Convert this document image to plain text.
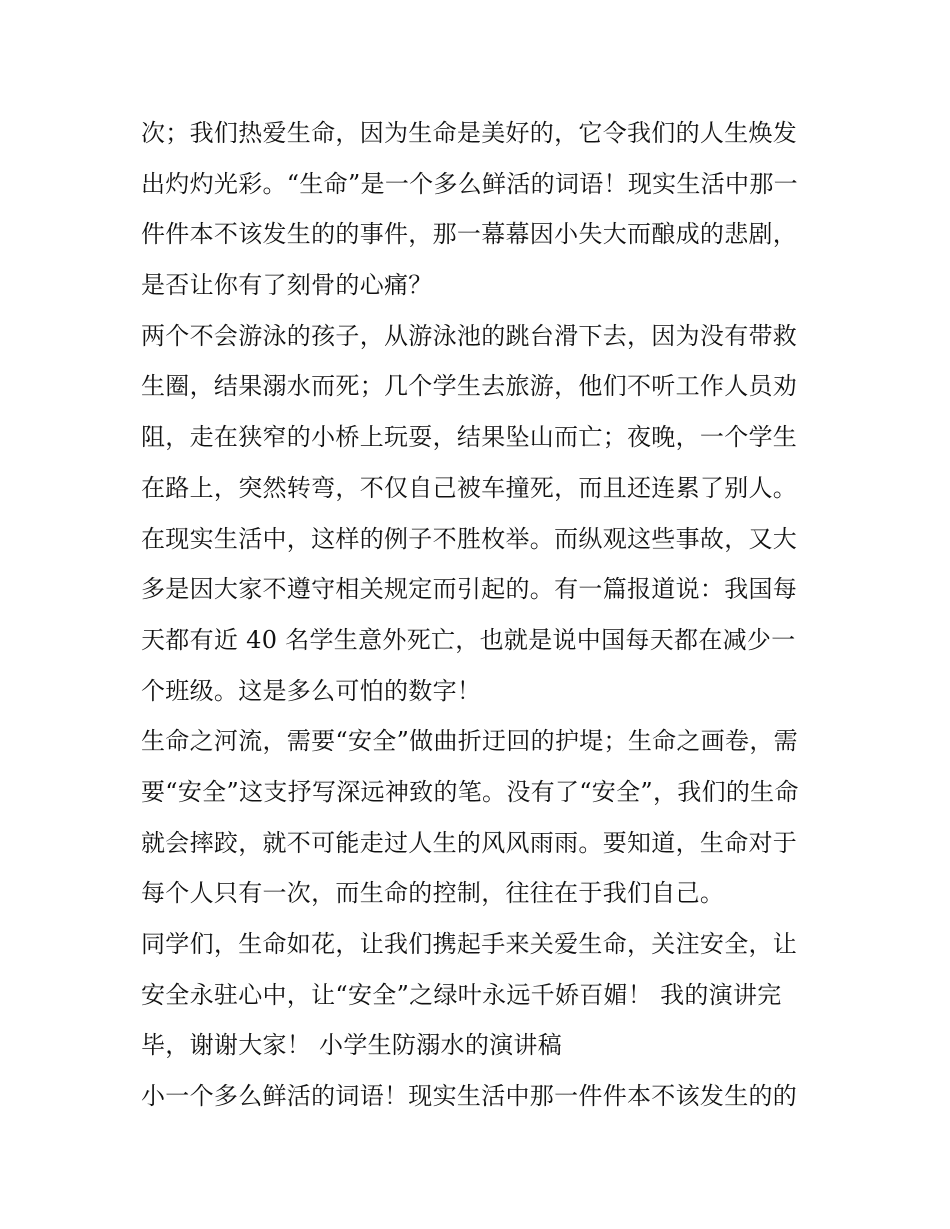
次；我们热爱生命，因为生命是美好的，它令我们的人生焕发
出灼灼光彩。“生命”是一个多么鲜活的词语！现实生活中那一
件件本不该发生的的事件，那一幕幕因小失大而酿成的悲剧，
是否让你有了刻骨的心痛？
两个不会游泳的孩子，从游泳池的跳台滑下去，因为没有带救
生圈，结果溺水而死；几个学生去旅游，他们不听工作人员劝
阻，走在狭窄的小桥上玩耍，结果坠山而亡；夜晚，一个学生
在路上，突然转弯，不仅自己被车撞死，而且还连累了别人。
在现实生活中，这样的例子不胜枚举。而纵观这些事故，又大
多是因大家不遵守相关规定而引起的。有一篇报道说：我国每
天都有近 40 名学生意外死亡，也就是说中国每天都在减少一
个班级。这是多么可怕的数字！
生命之河流，需要“安全”做曲折迂回的护堤；生命之画卷，需
要“安全”这支抒写深远神致的笔。没有了“安全”，我们的生命
就会摔跤，就不可能走过人生的风风雨雨。要知道，生命对于
每个人只有一次，而生命的控制，往往在于我们自己。
同学们，生命如花，让我们携起手来关爱生命，关注安全，让
安全永驻心中，让“安全”之绿叶永远千娇百媚！ 我的演讲完
毕，谢谢大家！ 小学生防溺水的演讲稿
小一个多么鲜活的词语！现实生活中那一件件本不该发生的的
